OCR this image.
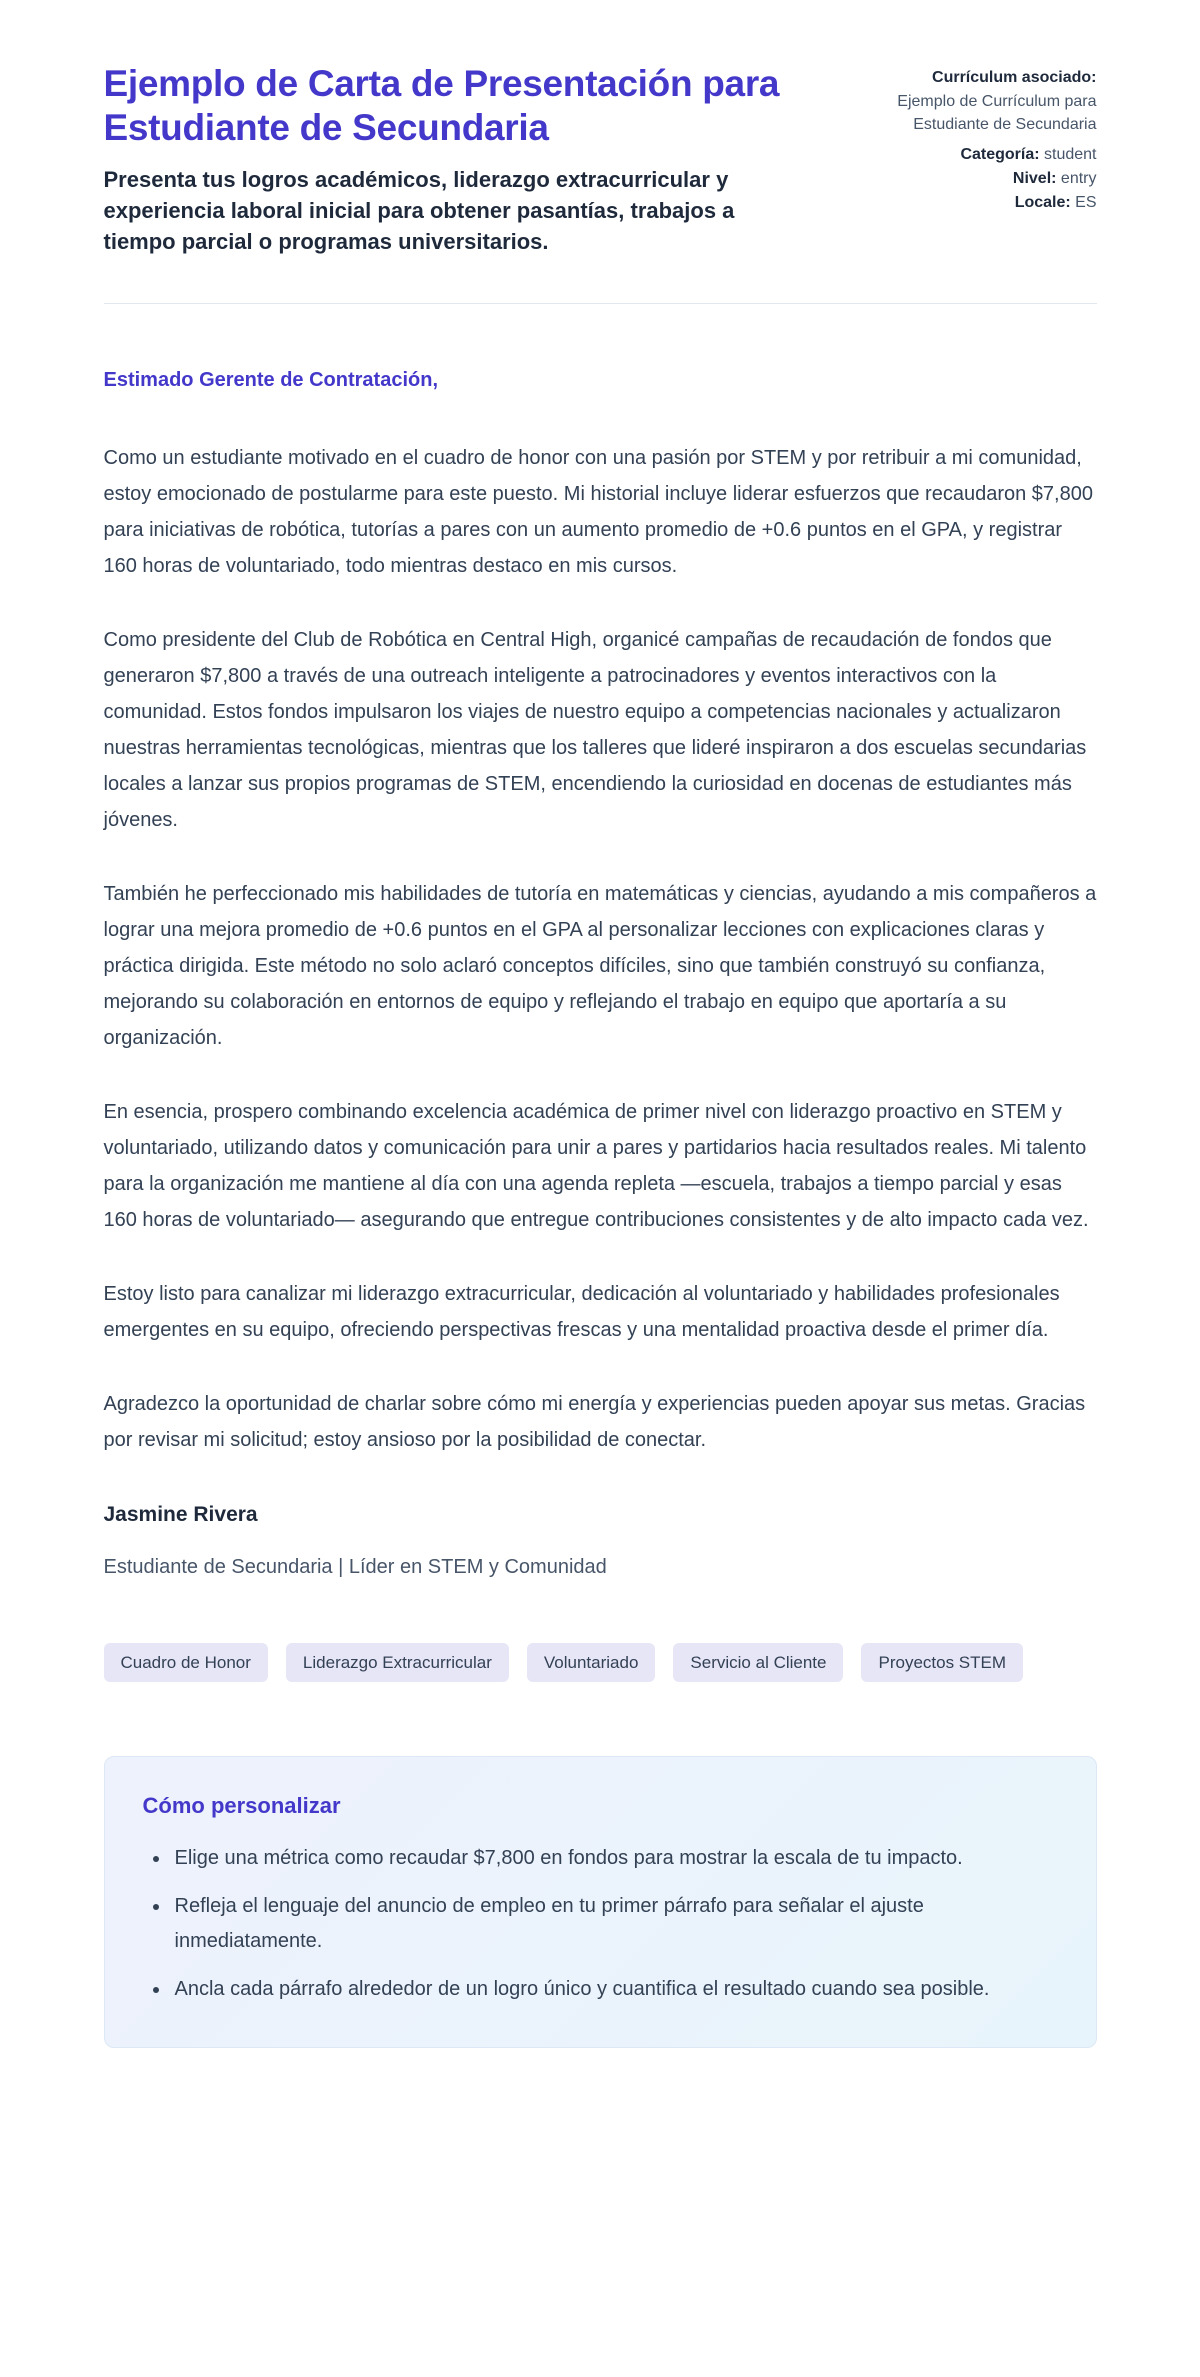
Ejemplo de Carta de Presentación para Estudiante de Secundaria

Presenta tus logros académicos, liderazgo extracurricular y experiencia laboral inicial para obtener pasantías, trabajos a tiempo parcial o programas universitarios.

Currículum asociado:
Ejemplo de Currículum para Estudiante de Secundaria
Categoría: student
Nivel: entry
Locale: ES

Estimado Gerente de Contratación,

Como un estudiante motivado en el cuadro de honor con una pasión por STEM y por retribuir a mi comunidad, estoy emocionado de postularme para este puesto. Mi historial incluye liderar esfuerzos que recaudaron $7,800 para iniciativas de robótica, tutorías a pares con un aumento promedio de +0.6 puntos en el GPA, y registrar 160 horas de voluntariado, todo mientras destaco en mis cursos.

Como presidente del Club de Robótica en Central High, organicé campañas de recaudación de fondos que generaron $7,800 a través de una outreach inteligente a patrocinadores y eventos interactivos con la comunidad. Estos fondos impulsaron los viajes de nuestro equipo a competencias nacionales y actualizaron nuestras herramientas tecnológicas, mientras que los talleres que lideré inspiraron a dos escuelas secundarias locales a lanzar sus propios programas de STEM, encendiendo la curiosidad en docenas de estudiantes más jóvenes.

También he perfeccionado mis habilidades de tutoría en matemáticas y ciencias, ayudando a mis compañeros a lograr una mejora promedio de +0.6 puntos en el GPA al personalizar lecciones con explicaciones claras y práctica dirigida. Este método no solo aclaró conceptos difíciles, sino que también construyó su confianza, mejorando su colaboración en entornos de equipo y reflejando el trabajo en equipo que aportaría a su organización.

En esencia, prospero combinando excelencia académica de primer nivel con liderazgo proactivo en STEM y voluntariado, utilizando datos y comunicación para unir a pares y partidarios hacia resultados reales. Mi talento para la organización me mantiene al día con una agenda repleta —escuela, trabajos a tiempo parcial y esas 160 horas de voluntariado— asegurando que entregue contribuciones consistentes y de alto impacto cada vez.

Estoy listo para canalizar mi liderazgo extracurricular, dedicación al voluntariado y habilidades profesionales emergentes en su equipo, ofreciendo perspectivas frescas y una mentalidad proactiva desde el primer día.

Agradezco la oportunidad de charlar sobre cómo mi energía y experiencias pueden apoyar sus metas. Gracias por revisar mi solicitud; estoy ansioso por la posibilidad de conectar.

Jasmine Rivera

Estudiante de Secundaria | Líder en STEM y Comunidad

Cuadro de Honor	Liderazgo Extracurricular	Voluntariado	Servicio al Cliente	Proyectos STEM
Cómo personalizar
• Elige una métrica como recaudar $7,800 en fondos para mostrar la escala de tu impacto.
• Refleja el lenguaje del anuncio de empleo en tu primer párrafo para señalar el ajuste inmediatamente.
• Ancla cada párrafo alrededor de un logro único y cuantifica el resultado cuando sea posible.
